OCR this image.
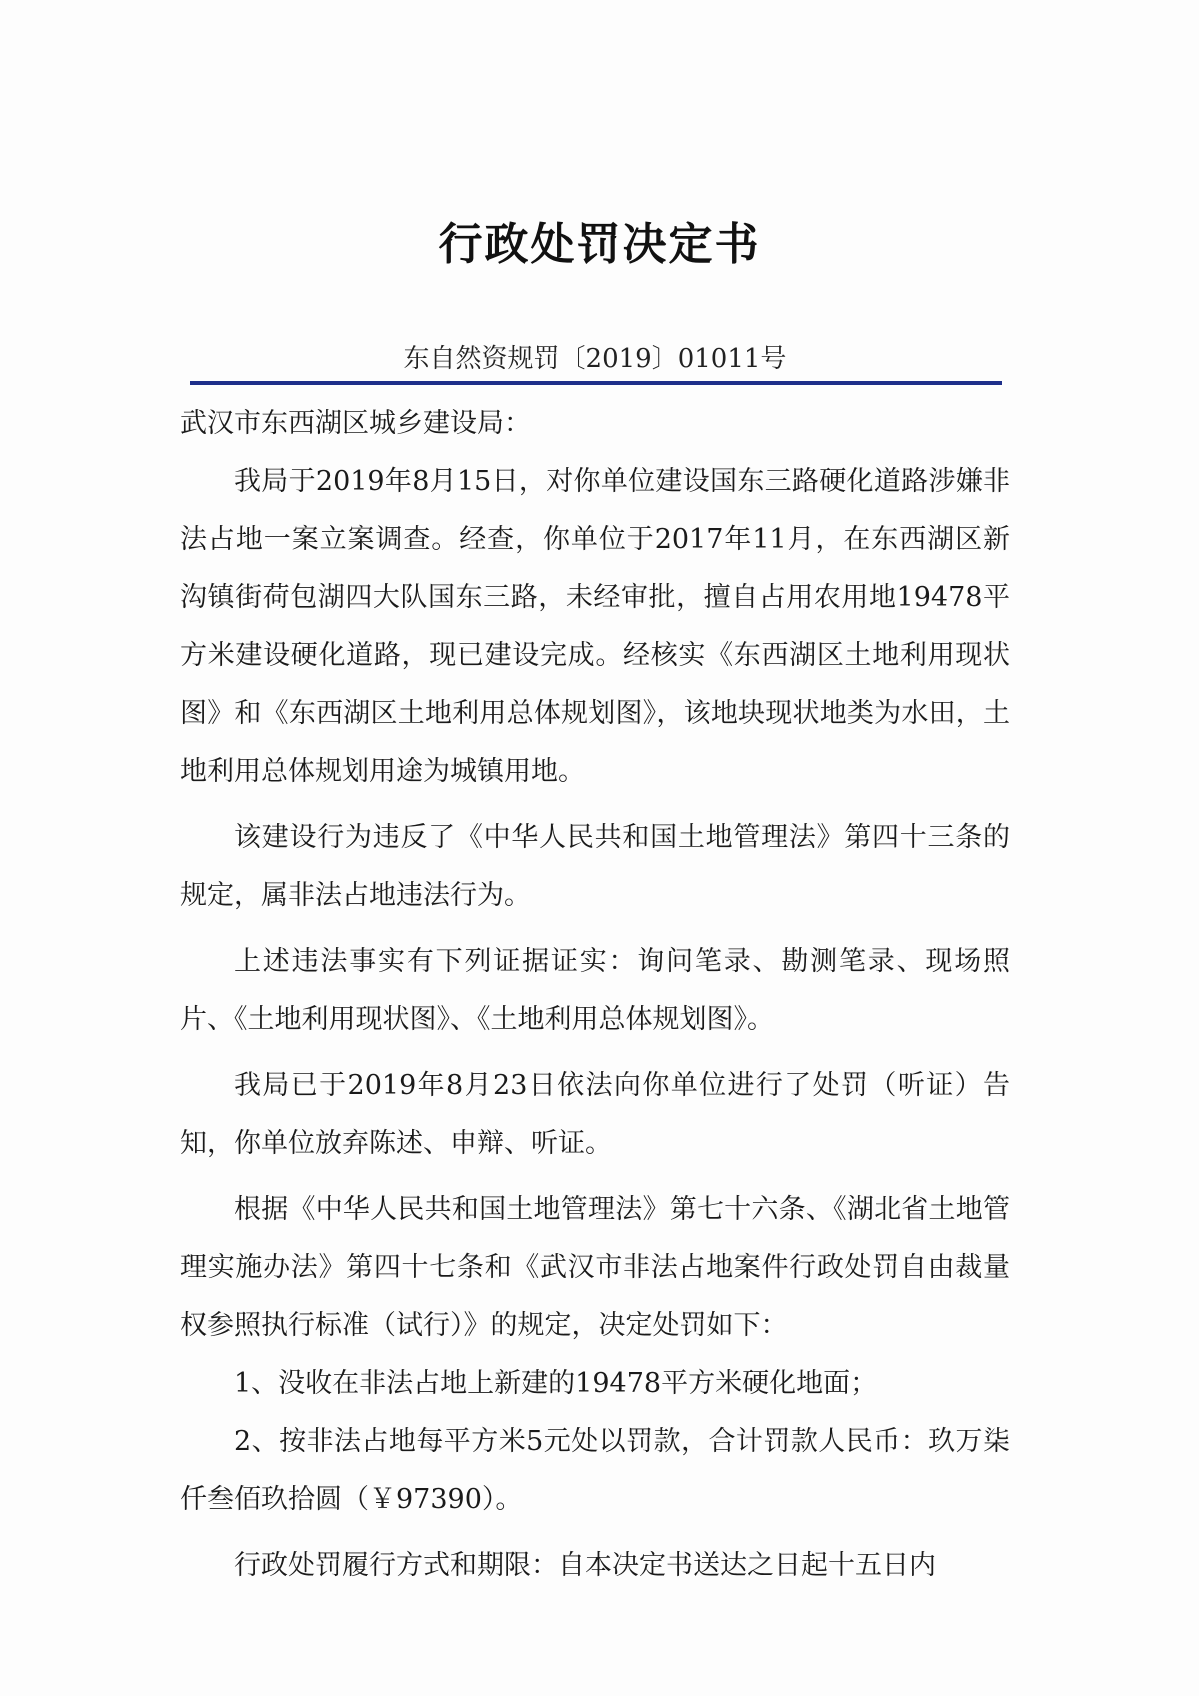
行政处罚决定书
东自然资规罚〔2019〕01011号

武汉市东西湖区城乡建设局：

我局于2019年8月15日，对你单位建设国东三路硬化道路涉嫌非法占地一案立案调查。经查，你单位于2017年11月，在东西湖区新沟镇街荷包湖四大队国东三路，未经审批，擅自占用农用地19478平方米建设硬化道路，现已建设完成。经核实《东西湖区土地利用现状图》和《东西湖区土地利用总体规划图》，该地块现状地类为水田，土地利用总体规划用途为城镇用地。

该建设行为违反了《中华人民共和国土地管理法》第四十三条的规定，属非法占地违法行为。

上述违法事实有下列证据证实：询问笔录、勘测笔录、现场照片、《土地利用现状图》、《土地利用总体规划图》。

我局已于2019年8月23日依法向你单位进行了处罚（听证）告知，你单位放弃陈述、申辩、听证。

根据《中华人民共和国土地管理法》第七十六条、《湖北省土地管理实施办法》第四十七条和《武汉市非法占地案件行政处罚自由裁量权参照执行标准（试行）》的规定，决定处罚如下：

1、没收在非法占地上新建的19478平方米硬化地面；

2、按非法占地每平方米5元处以罚款，合计罚款人民币：玖万柒仟叁佰玖拾圆（￥97390）。

行政处罚履行方式和期限：自本决定书送达之日起十五日内
